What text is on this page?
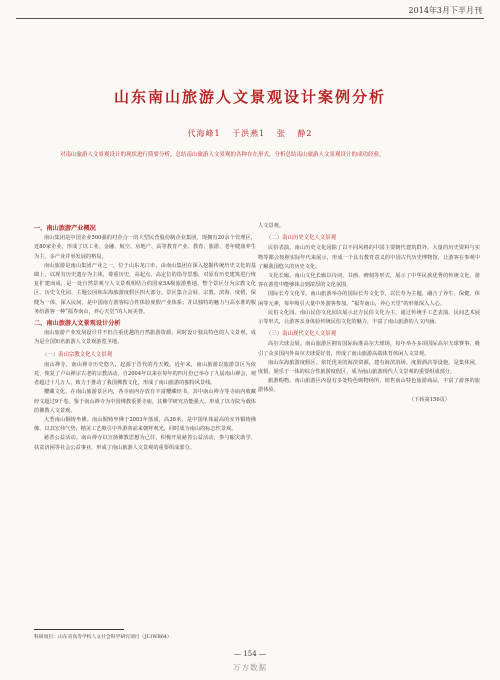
2014年3月下半月刊
山东南山旅游人文景观设计案例分析
代海峰1 于洪燕1 张 静2
对南山旅游人文景观设计的现状进行简要分析，总结南山旅游人文景观的各种存在形式，分析总结南山旅游人文景观设计的成功经验。
一、南山旅游产业概况

南山集团是中国企业500强的村企合一的大型民营股份制企业集团，现拥有20余个管理区，近80家企业，形成了以工业、金融、航空、房地产、高等教育产业、教育、旅游、老年健康养生为主，多产业并举发展的格局。

南山旅游是南山集团产业之一，位于山东龙口市，由南山集团在深入挖掘传统历史文化的基础上，以现有历史遗存为主体，尊重历史，高起点、高定位的指导思想，对原有历史建筑进行恢复扩建而成，是一处自然景观与人文景观相结合的国家5A级旅游胜地。整个景区分为宗教文化区、历史文化园、主题公园和东海旅游度假区四大部分。景区集合会展、宗教、滨海、度假、保健为一体，深入民间，是中国南方游客综合性体验度假产业体系；并以独特的魅力与高水准的服务给游客一种“福寿南山，养心天堂”的人间美誉。

二、南山旅游人文景观设计分析

南山旅游产业发展设计并不但注重优越的自然旅游资源，同时设计独具特色的人文景观，成为是全国知名旅游人文景观游览圣地。

（一）南山宗教文化人文景观

南山禅寺，南山禅寺历史悠久，起源于晋代的丹天殿。近年来，南山旅游以旅游景区为依托，恢复了卢山禅宗古老的宗教活动。自2004年以来在每年的四月份已举办了九届南山禅会，观者超过十几万人，致力于推动了我国佛教文化，形成了南山旅游的独特风景线。

樱藏文化。在南山旅游景区内，各寺庙内存放有丰富樱藏经书，其中南山禅寺等寺庙内收藏经文超过9千卷。鉴于南山禅寺为中国佛教重要寺庙，其佛学研究功能强大。形成了以寺院为载体的佛教人文景观。

大型南山铜铸坐佛。南山铜铸坐佛于2003年落成，高38米，是中国单体最高的室外铜铸佛像。以其宏伟气势、精美工艺吸引中外游客前来朝拜观光，同时成为南山的标志性景观。

慈善公益活动。南山禅寺以宣扬佛教思想为己任，积极开展慈善公益活动，参与赈灾助学、扶贫济困等社会公益事业，形成了南山旅游人文景观的重要组成部分。

人文景观。

（二）南山历史文化人文景观

民俗表演。南山历史文化园除了以不同风格的中国主要朝代建筑群外，大量的历史资料与实物等都会按照实际年代来展示，形成一个具有教育意义的中国古代历史博物馆，让游客在参观中了解我国悠久的历史文化。

文化长廊。南山文化长廊以诗词、书画、碑刻等形式，展示了中华民族优秀的传统文化，游客在游览中能够体会到浓厚的文化氛围。

国际长寿文化节。南山旅游举办的国际长寿文化节，以长寿为主题，融合了养生、保健、休闲等元素，每年吸引大量中外游客参加。“福寿南山，养心天堂”的形象深入人心。

民俗文化园。南山民俗文化园以展示北方民俗文化为主，通过传统手工艺表演、民间艺术展示等形式，让游客亲身体验传统民俗文化的魅力，丰富了南山旅游的人文内涵。

（三）南山现代文化人文景观

高尔夫球会展。南山旅游区拥有国际标准高尔夫球场，每年举办多项国际高尔夫球赛事，吸引了众多国内外高尔夫球爱好者，形成了南山旅游高端体育休闲人文景观。

南山东海旅游度假区。依托优美的海滨资源，建有海滨浴场、度假酒店等设施，是集休闲、度假、娱乐于一体的综合性旅游度假区，成为南山旅游现代人文景观的重要组成部分。

旅游购物。南山旅游区内设有多处特色购物场所，销售南山特色旅游商品，丰富了游客的旅游体验。

（下转第156页）
科研项目：山东省高等学校人文社会科学研究项目（J13WB64）
— 154 —
万方数据
